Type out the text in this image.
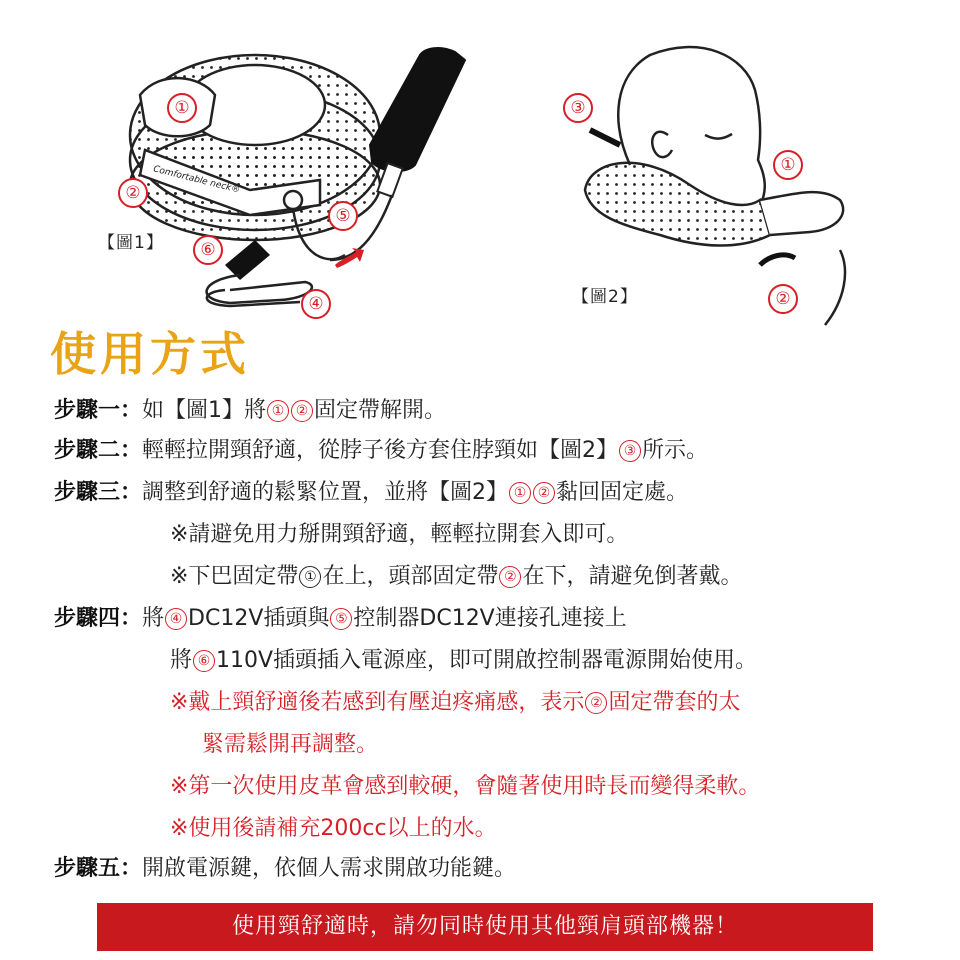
【圖1】
Comfortable neck®
【圖2】
①
②
④
⑤
⑥
①
②
③
使用方式
步驟一：如【圖1】將 ① ② 固定帶解開。
步驟二：輕輕拉開頸舒適，從脖子後方套住脖頸如【圖2】 ③ 所示。
步驟三：調整到舒適的鬆緊位置，並將【圖2】 ① ② 黏回固定處。
※請避免用力掰開頸舒適，輕輕拉開套入即可。
※下巴固定帶 ① 在上，頭部固定帶 ② 在下，請避免倒著戴。
步驟四：將 ④ DC12V插頭與 ⑤ 控制器DC12V連接孔連接上
將 ⑥ 110V插頭插入電源座，即可開啟控制器電源開始使用。
※戴上頸舒適後若感到有壓迫疼痛感，表示 ② 固定帶套的太
緊需鬆開再調整。
※第一次使用皮革會感到較硬，會隨著使用時長而變得柔軟。
※使用後請補充200cc以上的水。
步驟五：開啟電源鍵，依個人需求開啟功能鍵。
使用頸舒適時，請勿同時使用其他頸肩頭部機器！
